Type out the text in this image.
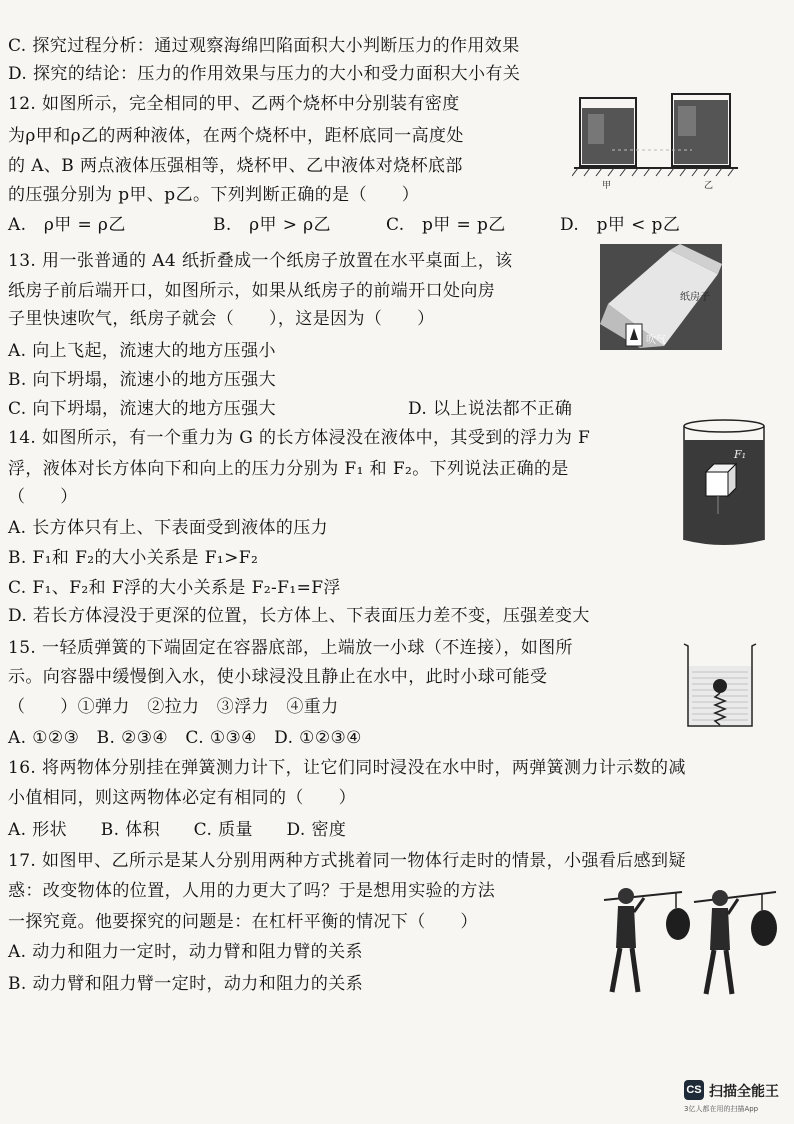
C. 探究过程分析：通过观察海绵凹陷面积大小判断压力的作用效果
D. 探究的结论：压力的作用效果与压力的大小和受力面积大小有关
12. 如图所示，完全相同的甲、乙两个烧杯中分别装有密度
为ρ甲和ρ乙的两种液体，在两个烧杯中，距杯底同一高度处
的 A、B 两点液体压强相等，烧杯甲、乙中液体对烧杯底部
的压强分别为 p甲、p乙。下列判断正确的是（　　）
A.　ρ甲 = ρ乙	B.　ρ甲 > ρ乙	C.　p甲 = p乙	D.　p甲 < p乙
甲	乙
13. 用一张普通的 A4 纸折叠成一个纸房子放置在水平桌面上，该
纸房子前后端开口，如图所示，如果从纸房子的前端开口处向房
子里快速吹气，纸房子就会（　　），这是因为（　　）
A. 向上飞起，流速大的地方压强小
B. 向下坍塌，流速小的地方压强大
C. 向下坍塌，流速大的地方压强大	D. 以上说法都不正确
纸房子
吹气
14. 如图所示，有一个重力为 G 的长方体浸没在液体中，其受到的浮力为 F
浮，液体对长方体向下和向上的压力分别为 F₁ 和 F₂。下列说法正确的是
（　　）
A. 长方体只有上、下表面受到液体的压力
B. F₁和 F₂的大小关系是 F₁>F₂
C. F₁、F₂和 F浮的大小关系是 F₂-F₁=F浮
D. 若长方体浸没于更深的位置，长方体上、下表面压力差不变，压强差变大
F₁
15. 一轻质弹簧的下端固定在容器底部，上端放一小球（不连接），如图所
示。向容器中缓慢倒入水，使小球浸没且静止在水中，此时小球可能受
（　　）①弹力　②拉力　③浮力　④重力
A. ①②③　B. ②③④　C. ①③④　D. ①②③④
16. 将两物体分别挂在弹簧测力计下，让它们同时浸没在水中时，两弹簧测力计示数的减
小值相同，则这两物体必定有相同的（　　）
A. 形状 B. 体积 C. 质量 D. 密度
17. 如图甲、乙所示是某人分别用两种方式挑着同一物体行走时的情景，小强看后感到疑
惑：改变物体的位置，人用的力更大了吗？于是想用实验的方法
一探究竟。他要探究的问题是：在杠杆平衡的情况下（　　）
A. 动力和阻力一定时，动力臂和阻力臂的关系
B. 动力臂和阻力臂一定时，动力和阻力的关系
CS 扫描全能王
3亿人都在用的扫描App
